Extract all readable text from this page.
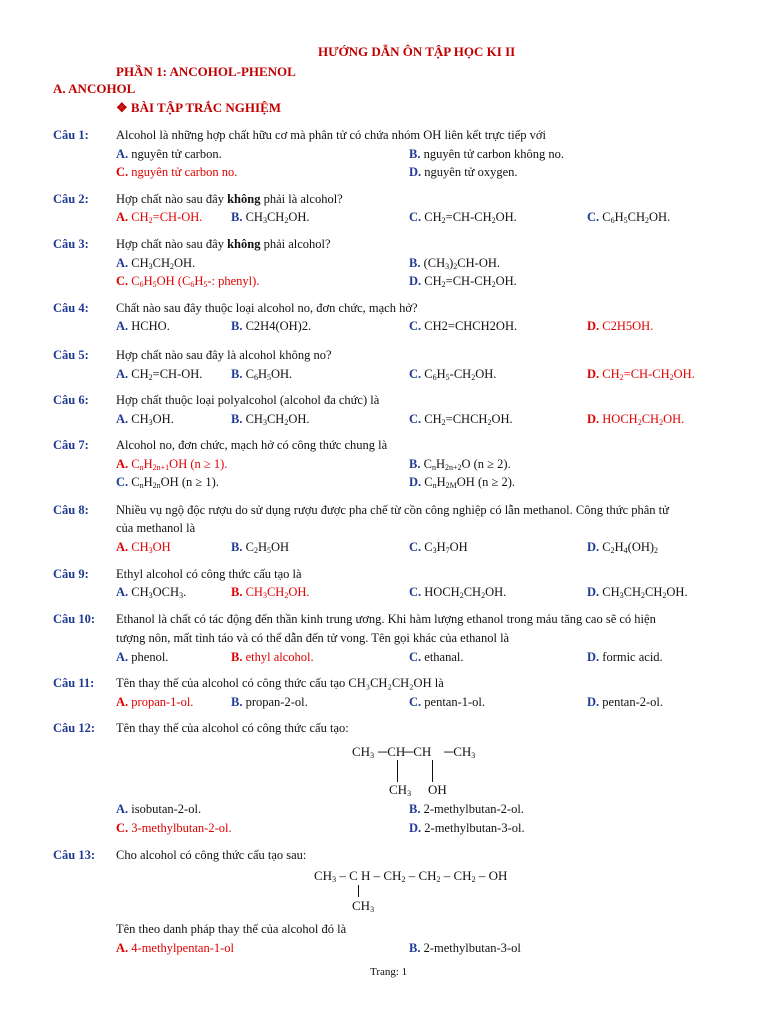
HƯỚNG DẪN ÔN TẬP HỌC KI II
PHẦN 1: ANCOHOL-PHENOL
A. ANCOHOL
❖ BÀI TẬP TRẮC NGHIỆM
Câu 1: Alcohol là những hợp chất hữu cơ mà phân tử có chứa nhóm OH liên kết trực tiếp với
A. nguyên tử carbon.	B. nguyên tử carbon không no.
C. nguyên tử carbon no.	D. nguyên tử oxygen.
Câu 2: Hợp chất nào sau đây không phải là alcohol?
A. $CH_2=CH-OH$. B. $CH_3CH_2OH$.	C. $CH_2=CH-CH_2OH$.	C. $C_6H_5CH_2OH$.
Câu 3: Hợp chất nào sau đây không phải alcohol?
A. $CH_3CH_2OH$.	B. $(CH_3)_2CH-OH$.
C. $C_6H_5OH$ ($C_6H_5-$: phenyl).	D. $CH_2=CH-CH_2OH$.
Câu 4: Chất nào sau đây thuộc loại alcohol no, đơn chức, mạch hở?
A. HCHO.	B. C2H4(OH)2.	C. CH2=CHCH2OH.	D. C2H5OH.
Câu 5: Hợp chất nào sau đây là alcohol không no?
A. $CH_2=CH-OH$. B. $C_6H_5OH$.	C. $C_6H_5-CH_2OH$.	D. $CH_2=CH-CH_2OH$.
Câu 6: Hợp chất thuộc loại polyalcohol (alcohol đa chức) là
A. $CH_3OH$.	B. $CH_3CH_2OH$.	C. $CH_2=CHCH_2OH$.	D. $HOCH_2CH_2OH$.
Câu 7: Alcohol no, đơn chức, mạch hở có công thức chung là
A. $C_nH_{2n+1}OH$ (n ≥ 1).	B. $C_nH_{2n+2}O$ (n ≥ 2).
C. $C_nH_{2n}OH$ (n ≥ 1).	D. $C_nH_{2M}OH$ (n ≥ 2).
Câu 8: Nhiều vụ ngộ độc rượu do sử dụng rượu được pha chế từ cồn công nghiệp có lẫn methanol. Công thức phân tử
của methanol là
A. $CH_3OH$	B. $C_2H_5OH$	C. $C_3H_7OH$	D. $C_2H_4(OH)_2$
Câu 9: Ethyl alcohol có công thức cấu tạo là
A. $CH_3OCH_3$.	B. $CH_3CH_2OH$.	C. $HOCH_2CH_2OH$.	D. $CH_3CH_2CH_2OH$.
Câu 10: Ethanol là chất có tác động đến thần kinh trung ương. Khi hàm lượng ethanol trong máu tăng cao sẽ có hiện
tượng nôn, mất tỉnh táo và có thể dẫn đến tử vong. Tên gọi khác của ethanol là
A. phenol.	B. ethyl alcohol.	C. ethanal.	D. formic acid.
Câu 11: Tên thay thế của alcohol có công thức cấu tạo CH₃CH₂CH₂OH là
A. propan-1-ol.	B. propan-2-ol.	C. pentan-1-ol.	D. pentan-2-ol.
Câu 12: Tên thay thế của alcohol có công thức cấu tạo:
$CH_3$ ─CH
─CH $─CH_3$
$CH_3$ OH
A. isobutan-2-ol.	B. 2-methylbutan-2-ol.
C. 3-methylbutan-2-ol.	D. 2-methylbutan-3-ol.
Câu 13: Cho alcohol có công thức cấu tạo sau:
$CH_3$ – C H – $CH_2 - CH_2 - CH_2$ – OH
$CH_3$
Tên theo danh pháp thay thế của alcohol đó là
A. 4-methylpentan-1-ol	B. 2-methylbutan-3-ol
Trang: 1
